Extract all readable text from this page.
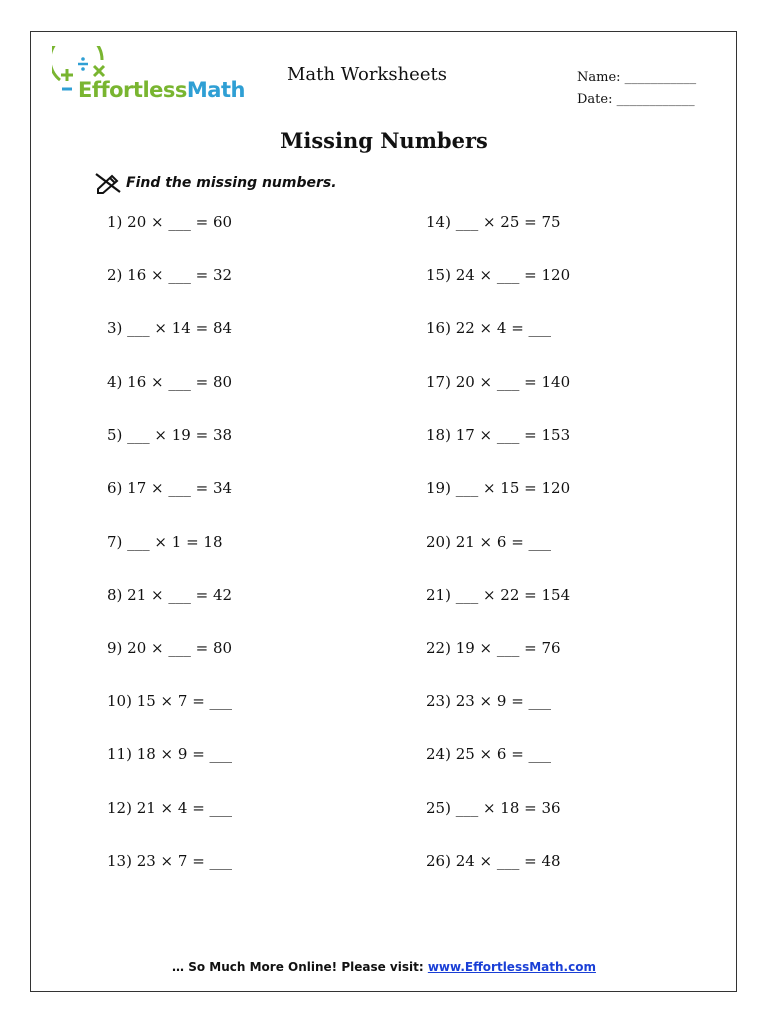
EffortlessMath
Math Worksheets	Name: ___________
Date: ____________
Missing Numbers
Find the missing numbers.
1) 20 × ___ = 60
2) 16 × ___ = 32
3) ___ × 14 = 84
4) 16 × ___ = 80
5) ___ × 19 = 38
6) 17 × ___ = 34
7) ___ × 1 = 18
8) 21 × ___ = 42
9) 20 × ___ = 80
10) 15 × 7 = ___
11) 18 × 9 = ___
12) 21 × 4 = ___
13) 23 × 7 = ___
14) ___ × 25 = 75
15) 24 × ___ = 120
16) 22 × 4 = ___
17) 20 × ___ = 140
18) 17 × ___ = 153
19) ___ × 15 = 120
20) 21 × 6 = ___
21) ___ × 22 = 154
22) 19 × ___ = 76
23) 23 × 9 = ___
24) 25 × 6 = ___
25) ___ × 18 = 36
26) 24 × ___ = 48
… So Much More Online! Please visit: www.EffortlessMath.com
